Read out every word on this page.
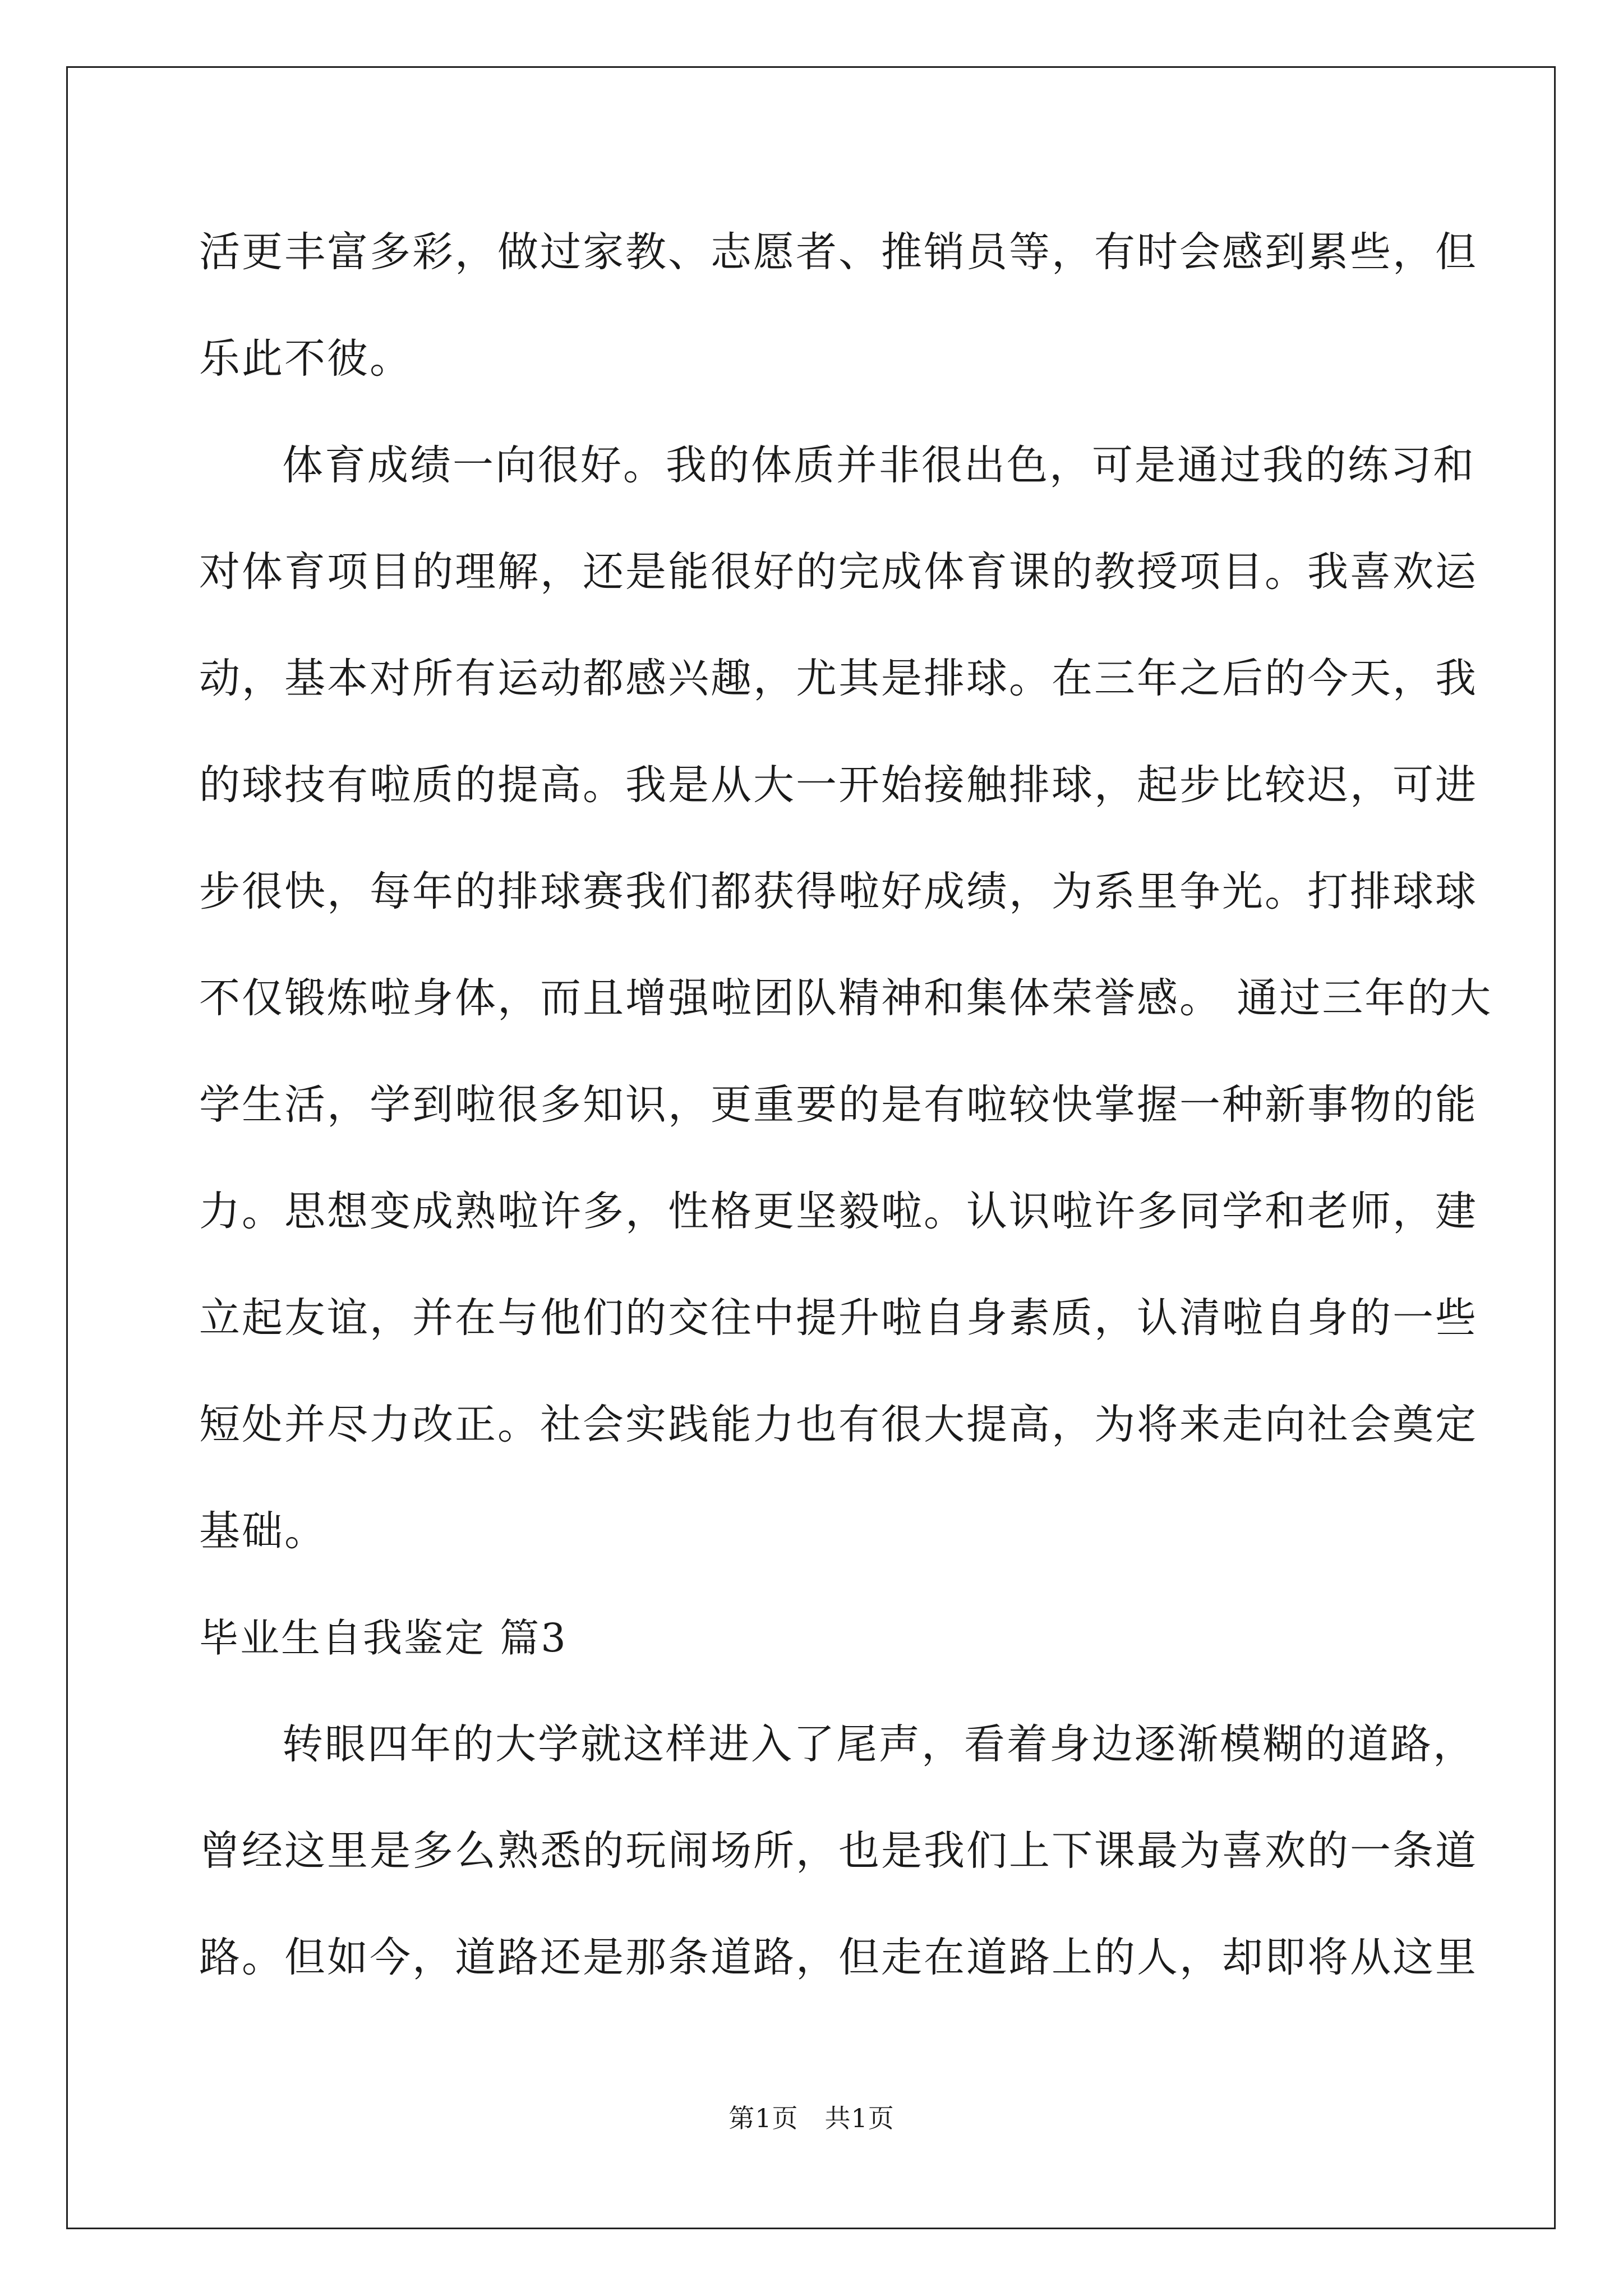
活更丰富多彩，做过家教、志愿者、推销员等，有时会感到累些，但
乐此不彼。
体育成绩一向很好。我的体质并非很出色，可是通过我的练习和
对体育项目的理解，还是能很好的完成体育课的教授项目。我喜欢运
动，基本对所有运动都感兴趣，尤其是排球。在三年之后的今天，我
的球技有啦质的提高。我是从大一开始接触排球，起步比较迟，可进
步很快，每年的排球赛我们都获得啦好成绩，为系里争光。打排球球
不仅锻炼啦身体，而且增强啦团队精神和集体荣誉感。 通过三年的大
学生活，学到啦很多知识，更重要的是有啦较快掌握一种新事物的能
力。思想变成熟啦许多，性格更坚毅啦。认识啦许多同学和老师，建
立起友谊，并在与他们的交往中提升啦自身素质，认清啦自身的一些
短处并尽力改正。社会实践能力也有很大提高，为将来走向社会奠定
基础。
毕业生自我鉴定 篇3
转眼四年的大学就这样进入了尾声，看着身边逐渐模糊的道路，
曾经这里是多么熟悉的玩闹场所，也是我们上下课最为喜欢的一条道
路。但如今，道路还是那条道路，但走在道路上的人，却即将从这里
第1页　共1页
